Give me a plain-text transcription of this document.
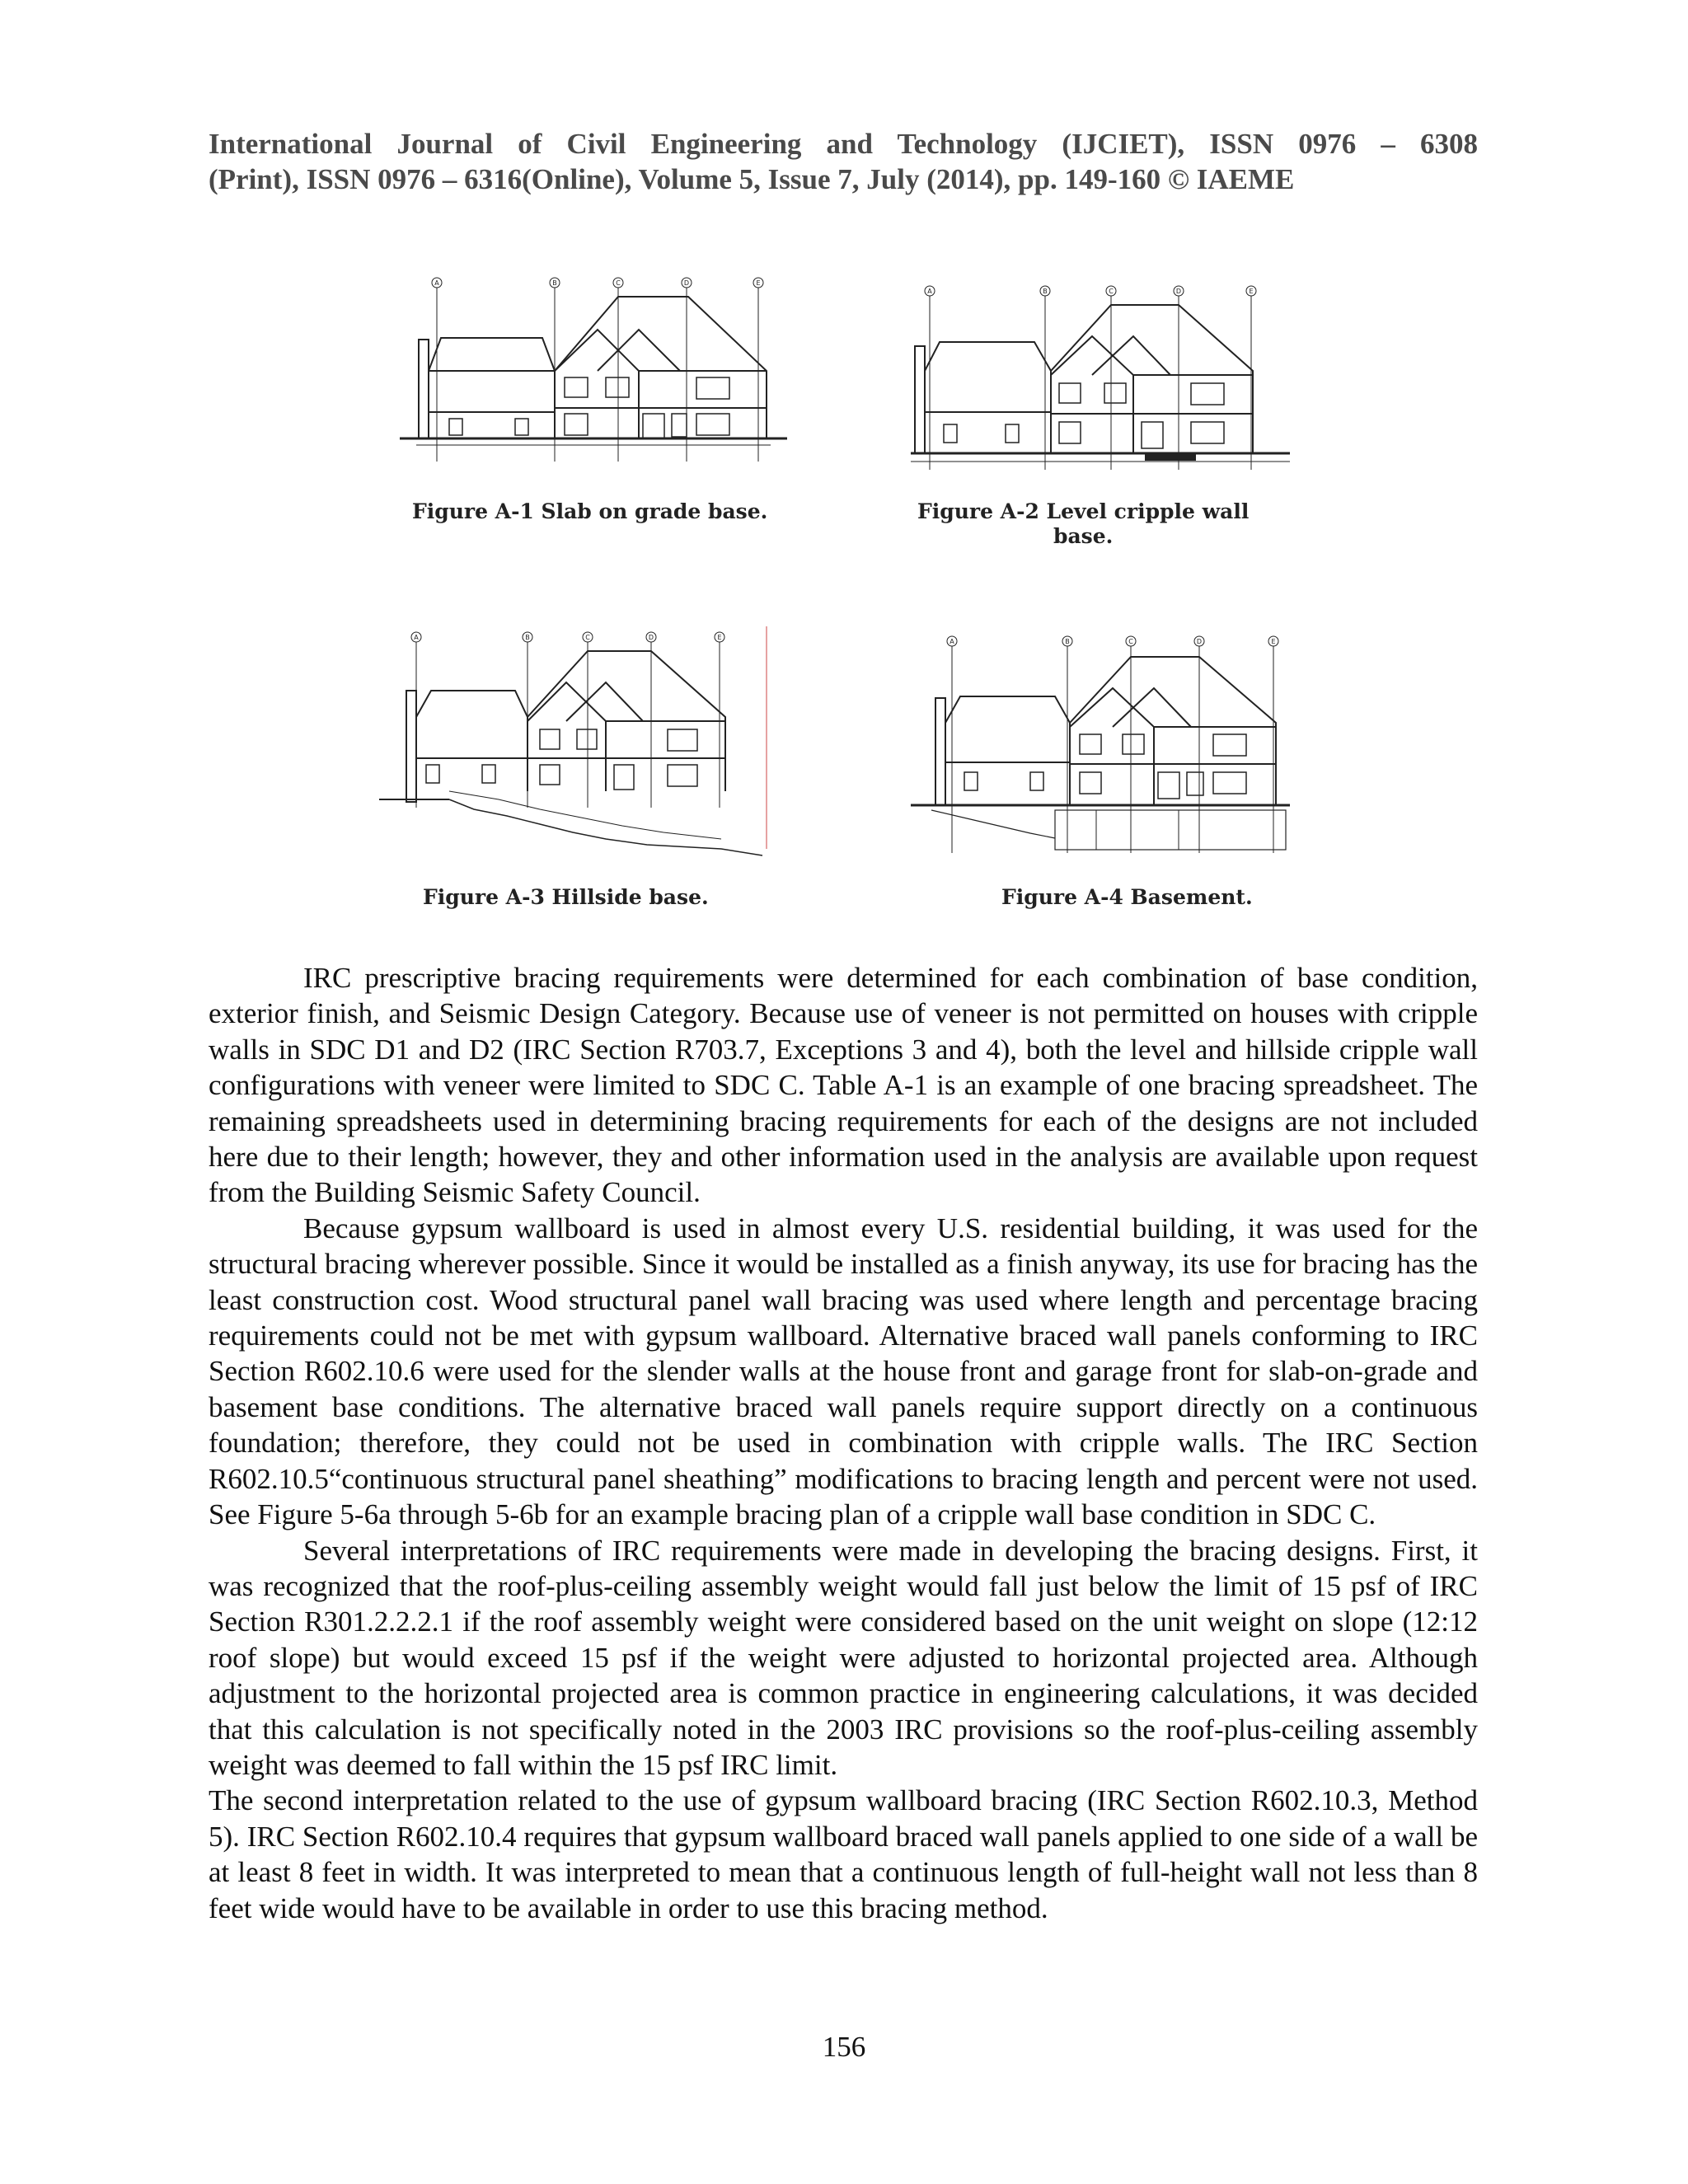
International Journal of Civil Engineering and Technology (IJCIET), ISSN 0976 – 6308
(Print), ISSN 0976 – 6316(Online), Volume 5, Issue 7, July (2014), pp. 149-160 © IAEME
A	B	C	D	E
Figure A-1 Slab on grade base.
A	B	C	D	E
Figure A-2 Level cripple wall
base.
A	B	C	D	E
Figure A-3 Hillside base.
A	B	C	D	E
Figure A-4 Basement.

IRC prescriptive bracing requirements were determined for each combination of base condition, exterior finish, and Seismic Design Category. Because use of veneer is not permitted on houses with cripple walls in SDC D1 and D2 (IRC Section R703.7, Exceptions 3 and 4), both the level and hillside cripple wall configurations with veneer were limited to SDC C. Table A-1 is an example of one bracing spreadsheet. The remaining spreadsheets used in determining bracing requirements for each of the designs are not included here due to their length; however, they and other information used in the analysis are available upon request from the Building Seismic Safety Council.

Because gypsum wallboard is used in almost every U.S. residential building, it was used for the structural bracing wherever possible. Since it would be installed as a finish anyway, its use for bracing has the least construction cost. Wood structural panel wall bracing was used where length and percentage bracing requirements could not be met with gypsum wallboard. Alternative braced wall panels conforming to IRC Section R602.10.6 were used for the slender walls at the house front and garage front for slab-on-grade and basement base conditions. The alternative braced wall panels require support directly on a continuous foundation; therefore, they could not be used in combination with cripple walls. The IRC Section R602.10.5“continuous structural panel sheathing” modifications to bracing length and percent were not used. See Figure 5-6a through 5-6b for an example bracing plan of a cripple wall base condition in SDC C.

Several interpretations of IRC requirements were made in developing the bracing designs. First, it was recognized that the roof-plus-ceiling assembly weight would fall just below the limit of 15 psf of IRC Section R301.2.2.2.1 if the roof assembly weight were considered based on the unit weight on slope (12:12 roof slope) but would exceed 15 psf if the weight were adjusted to horizontal projected area. Although adjustment to the horizontal projected area is common practice in engineering calculations, it was decided that this calculation is not specifically noted in the 2003 IRC provisions so the roof-plus-ceiling assembly weight was deemed to fall within the 15 psf IRC limit.

The second interpretation related to the use of gypsum wallboard bracing (IRC Section R602.10.3, Method 5). IRC Section R602.10.4 requires that gypsum wallboard braced wall panels applied to one side of a wall be at least 8 feet in width. It was interpreted to mean that a continuous length of full-height wall not less than 8 feet wide would have to be available in order to use this bracing method.

156
